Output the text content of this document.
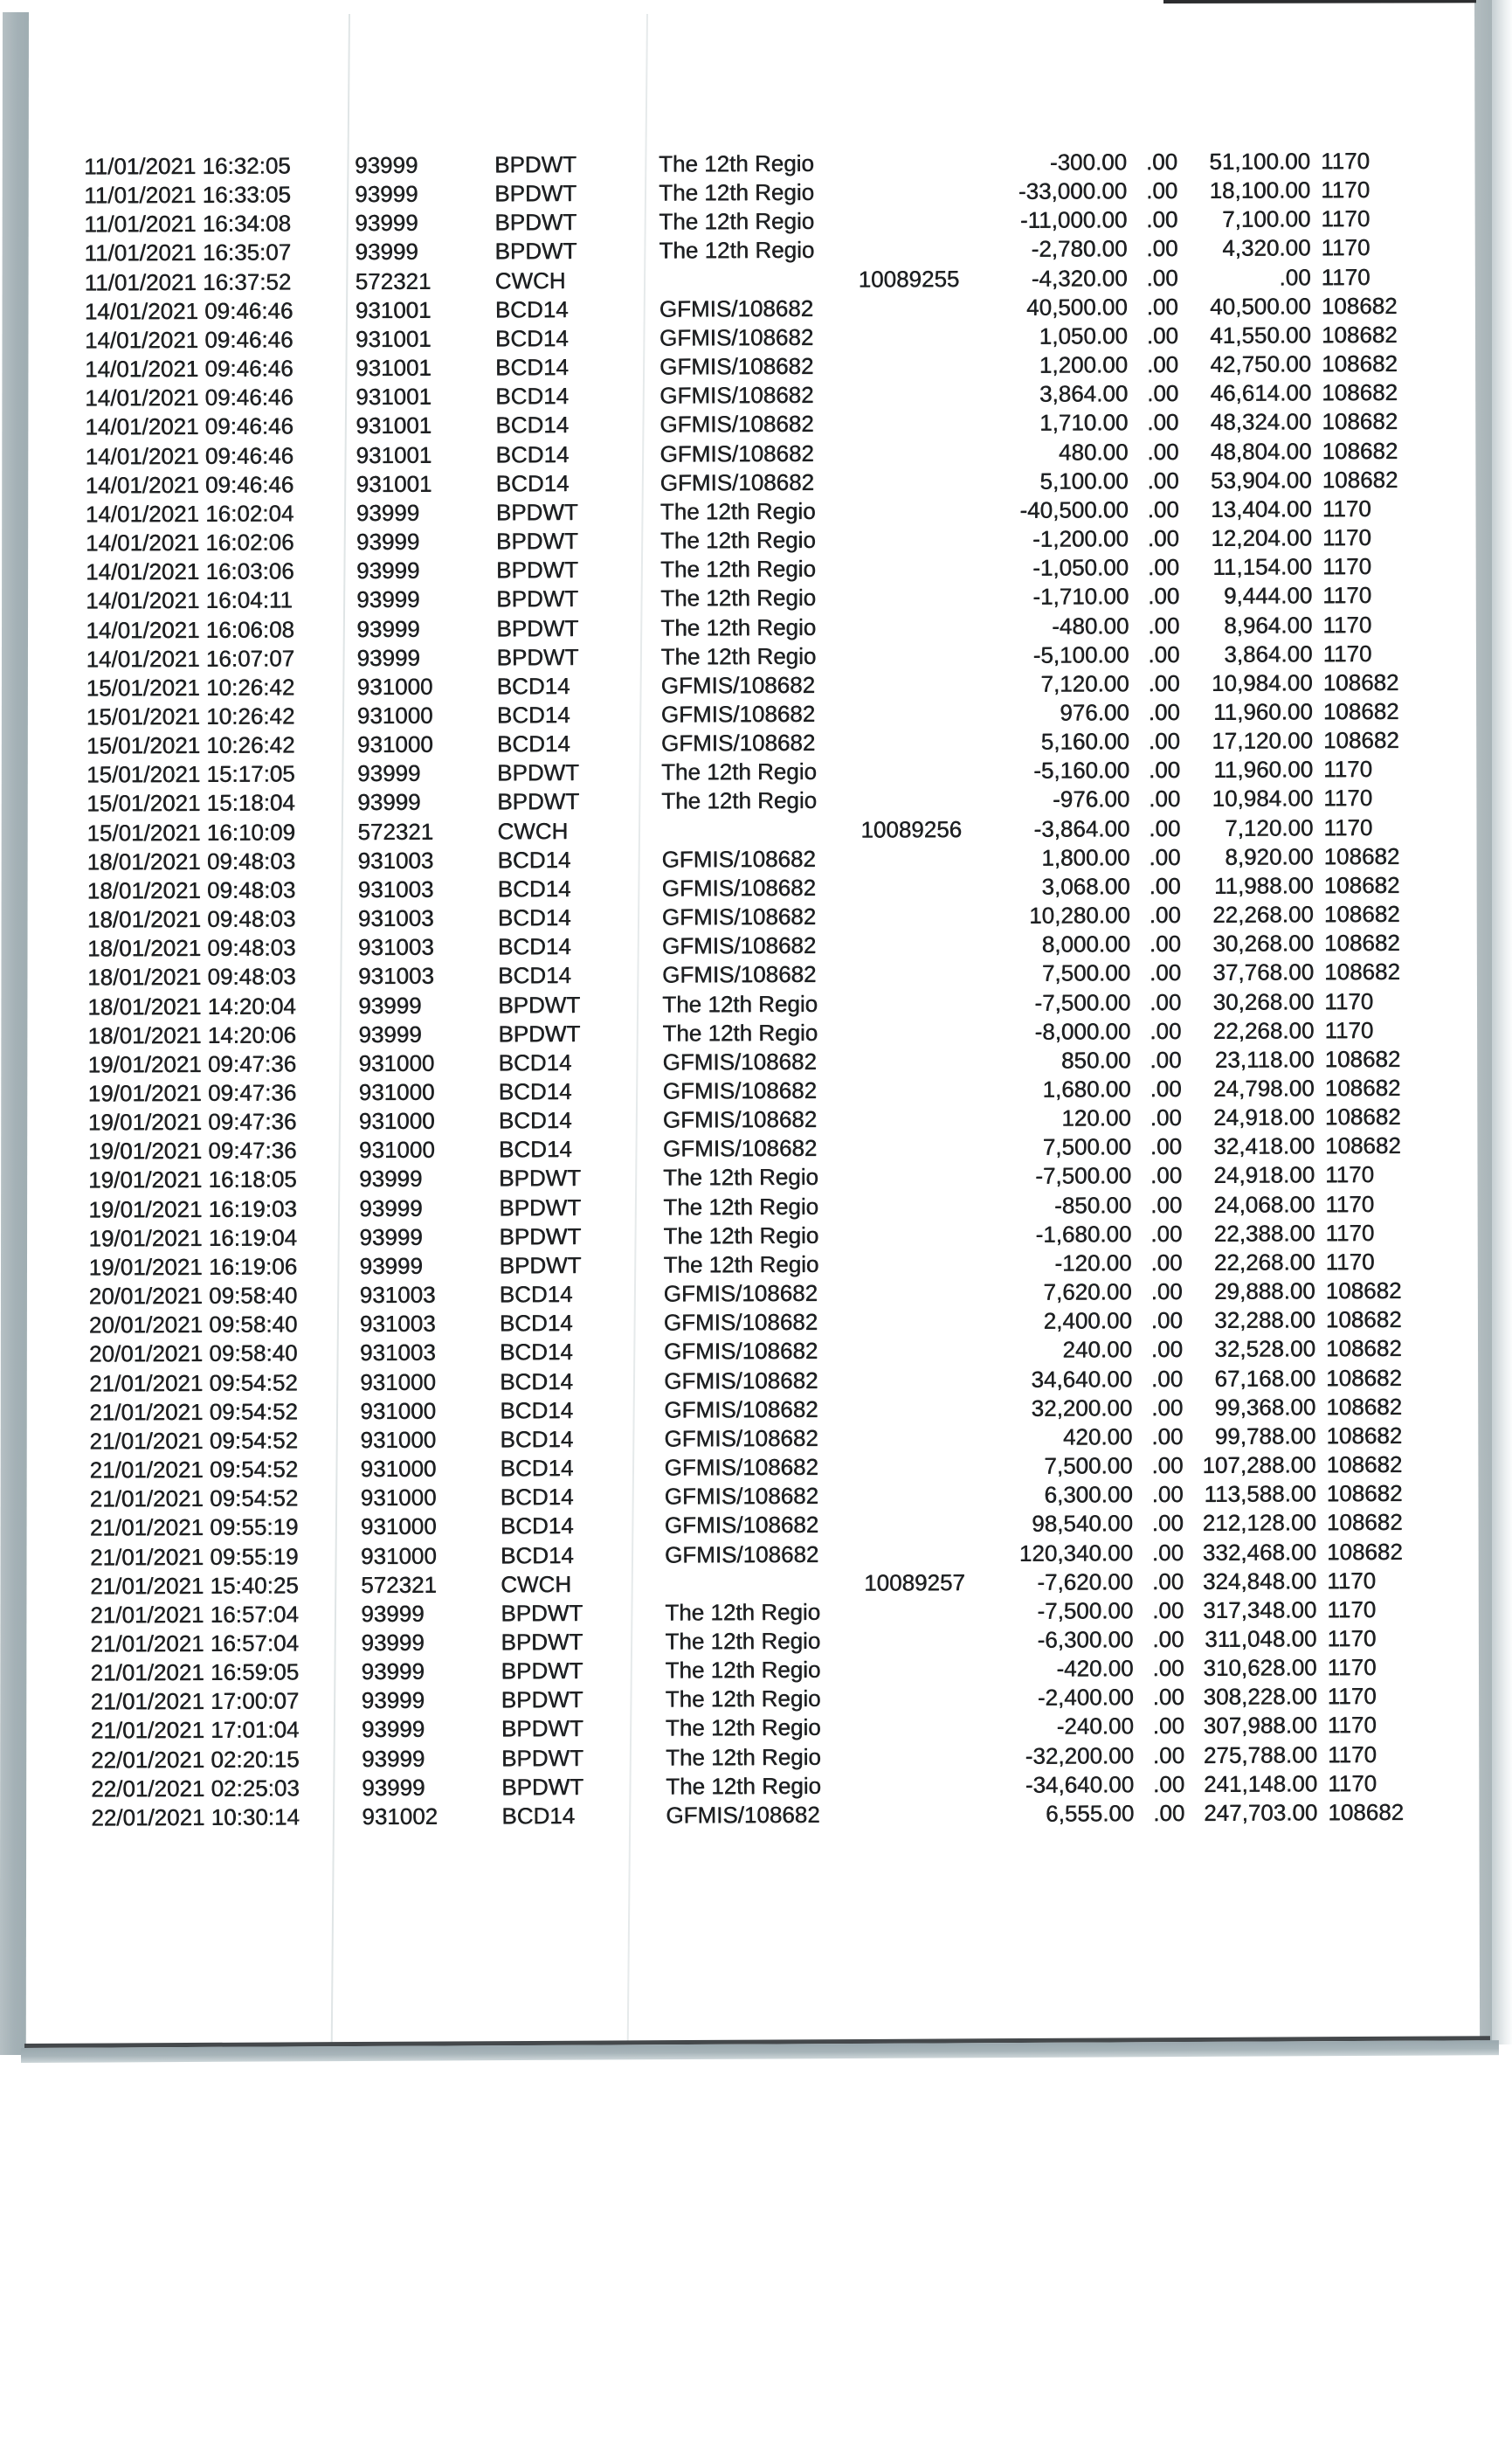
11/01/2021 16:32:05	93999	BPDWT	The 12th Regio	-300.00 .00	51,100.00 1170
11/01/2021 16:33:05	93999	BPDWT	The 12th Regio	-33,000.00 .00	18,100.00 1170
11/01/2021 16:34:08	93999	BPDWT	The 12th Regio	-11,000.00 .00	7,100.00 1170
11/01/2021 16:35:07	93999	BPDWT	The 12th Regio	-2,780.00 .00	4,320.00 1170
11/01/2021 16:37:52	572321	CWCH	10089255	-4,320.00 .00	.00 1170
14/01/2021 09:46:46	931001	BCD14	GFMIS/108682	40,500.00 .00	40,500.00 108682
14/01/2021 09:46:46	931001	BCD14	GFMIS/108682	1,050.00 .00	41,550.00 108682
14/01/2021 09:46:46	931001	BCD14	GFMIS/108682	1,200.00 .00	42,750.00 108682
14/01/2021 09:46:46	931001	BCD14	GFMIS/108682	3,864.00 .00	46,614.00 108682
14/01/2021 09:46:46	931001	BCD14	GFMIS/108682	1,710.00 .00	48,324.00 108682
14/01/2021 09:46:46	931001	BCD14	GFMIS/108682	480.00 .00	48,804.00 108682
14/01/2021 09:46:46	931001	BCD14	GFMIS/108682	5,100.00 .00	53,904.00 108682
14/01/2021 16:02:04	93999	BPDWT	The 12th Regio	-40,500.00 .00	13,404.00 1170
14/01/2021 16:02:06	93999	BPDWT	The 12th Regio	-1,200.00 .00	12,204.00 1170
14/01/2021 16:03:06	93999	BPDWT	The 12th Regio	-1,050.00 .00	11,154.00 1170
14/01/2021 16:04:11	93999	BPDWT	The 12th Regio	-1,710.00 .00	9,444.00 1170
14/01/2021 16:06:08	93999	BPDWT	The 12th Regio	-480.00 .00	8,964.00 1170
14/01/2021 16:07:07	93999	BPDWT	The 12th Regio	-5,100.00 .00	3,864.00 1170
15/01/2021 10:26:42	931000	BCD14	GFMIS/108682	7,120.00 .00	10,984.00 108682
15/01/2021 10:26:42	931000	BCD14	GFMIS/108682	976.00 .00	11,960.00 108682
15/01/2021 10:26:42	931000	BCD14	GFMIS/108682	5,160.00 .00	17,120.00 108682
15/01/2021 15:17:05	93999	BPDWT	The 12th Regio	-5,160.00 .00	11,960.00 1170
15/01/2021 15:18:04	93999	BPDWT	The 12th Regio	-976.00 .00	10,984.00 1170
15/01/2021 16:10:09	572321	CWCH	10089256	-3,864.00 .00	7,120.00 1170
18/01/2021 09:48:03	931003	BCD14	GFMIS/108682	1,800.00 .00	8,920.00 108682
18/01/2021 09:48:03	931003	BCD14	GFMIS/108682	3,068.00 .00	11,988.00 108682
18/01/2021 09:48:03	931003	BCD14	GFMIS/108682	10,280.00 .00	22,268.00 108682
18/01/2021 09:48:03	931003	BCD14	GFMIS/108682	8,000.00 .00	30,268.00 108682
18/01/2021 09:48:03	931003	BCD14	GFMIS/108682	7,500.00 .00	37,768.00 108682
18/01/2021 14:20:04	93999	BPDWT	The 12th Regio	-7,500.00 .00	30,268.00 1170
18/01/2021 14:20:06	93999	BPDWT	The 12th Regio	-8,000.00 .00	22,268.00 1170
19/01/2021 09:47:36	931000	BCD14	GFMIS/108682	850.00 .00	23,118.00 108682
19/01/2021 09:47:36	931000	BCD14	GFMIS/108682	1,680.00 .00	24,798.00 108682
19/01/2021 09:47:36	931000	BCD14	GFMIS/108682	120.00 .00	24,918.00 108682
19/01/2021 09:47:36	931000	BCD14	GFMIS/108682	7,500.00 .00	32,418.00 108682
19/01/2021 16:18:05	93999	BPDWT	The 12th Regio	-7,500.00 .00	24,918.00 1170
19/01/2021 16:19:03	93999	BPDWT	The 12th Regio	-850.00 .00	24,068.00 1170
19/01/2021 16:19:04	93999	BPDWT	The 12th Regio	-1,680.00 .00	22,388.00 1170
19/01/2021 16:19:06	93999	BPDWT	The 12th Regio	-120.00 .00	22,268.00 1170
20/01/2021 09:58:40	931003	BCD14	GFMIS/108682	7,620.00 .00	29,888.00 108682
20/01/2021 09:58:40	931003	BCD14	GFMIS/108682	2,400.00 .00	32,288.00 108682
20/01/2021 09:58:40	931003	BCD14	GFMIS/108682	240.00 .00	32,528.00 108682
21/01/2021 09:54:52	931000	BCD14	GFMIS/108682	34,640.00 .00	67,168.00 108682
21/01/2021 09:54:52	931000	BCD14	GFMIS/108682	32,200.00 .00	99,368.00 108682
21/01/2021 09:54:52	931000	BCD14	GFMIS/108682	420.00 .00	99,788.00 108682
21/01/2021 09:54:52	931000	BCD14	GFMIS/108682	7,500.00 .00 107,288.00 108682
21/01/2021 09:54:52	931000	BCD14	GFMIS/108682	6,300.00 .00 113,588.00 108682
21/01/2021 09:55:19	931000	BCD14	GFMIS/108682	98,540.00 .00 212,128.00 108682
21/01/2021 09:55:19	931000	BCD14	GFMIS/108682	120,340.00 .00 332,468.00 108682
21/01/2021 15:40:25	572321	CWCH	10089257	-7,620.00 .00 324,848.00 1170
21/01/2021 16:57:04	93999	BPDWT	The 12th Regio	-7,500.00 .00 317,348.00 1170
21/01/2021 16:57:04	93999	BPDWT	The 12th Regio	-6,300.00 .00 311,048.00 1170
21/01/2021 16:59:05	93999	BPDWT	The 12th Regio	-420.00 .00 310,628.00 1170
21/01/2021 17:00:07	93999	BPDWT	The 12th Regio	-2,400.00 .00 308,228.00 1170
21/01/2021 17:01:04	93999	BPDWT	The 12th Regio	-240.00 .00 307,988.00 1170
22/01/2021 02:20:15	93999	BPDWT	The 12th Regio	-32,200.00 .00 275,788.00 1170
22/01/2021 02:25:03	93999	BPDWT	The 12th Regio	-34,640.00 .00 241,148.00 1170
22/01/2021 10:30:14	931002	BCD14	GFMIS/108682	6,555.00 .00 247,703.00 108682
